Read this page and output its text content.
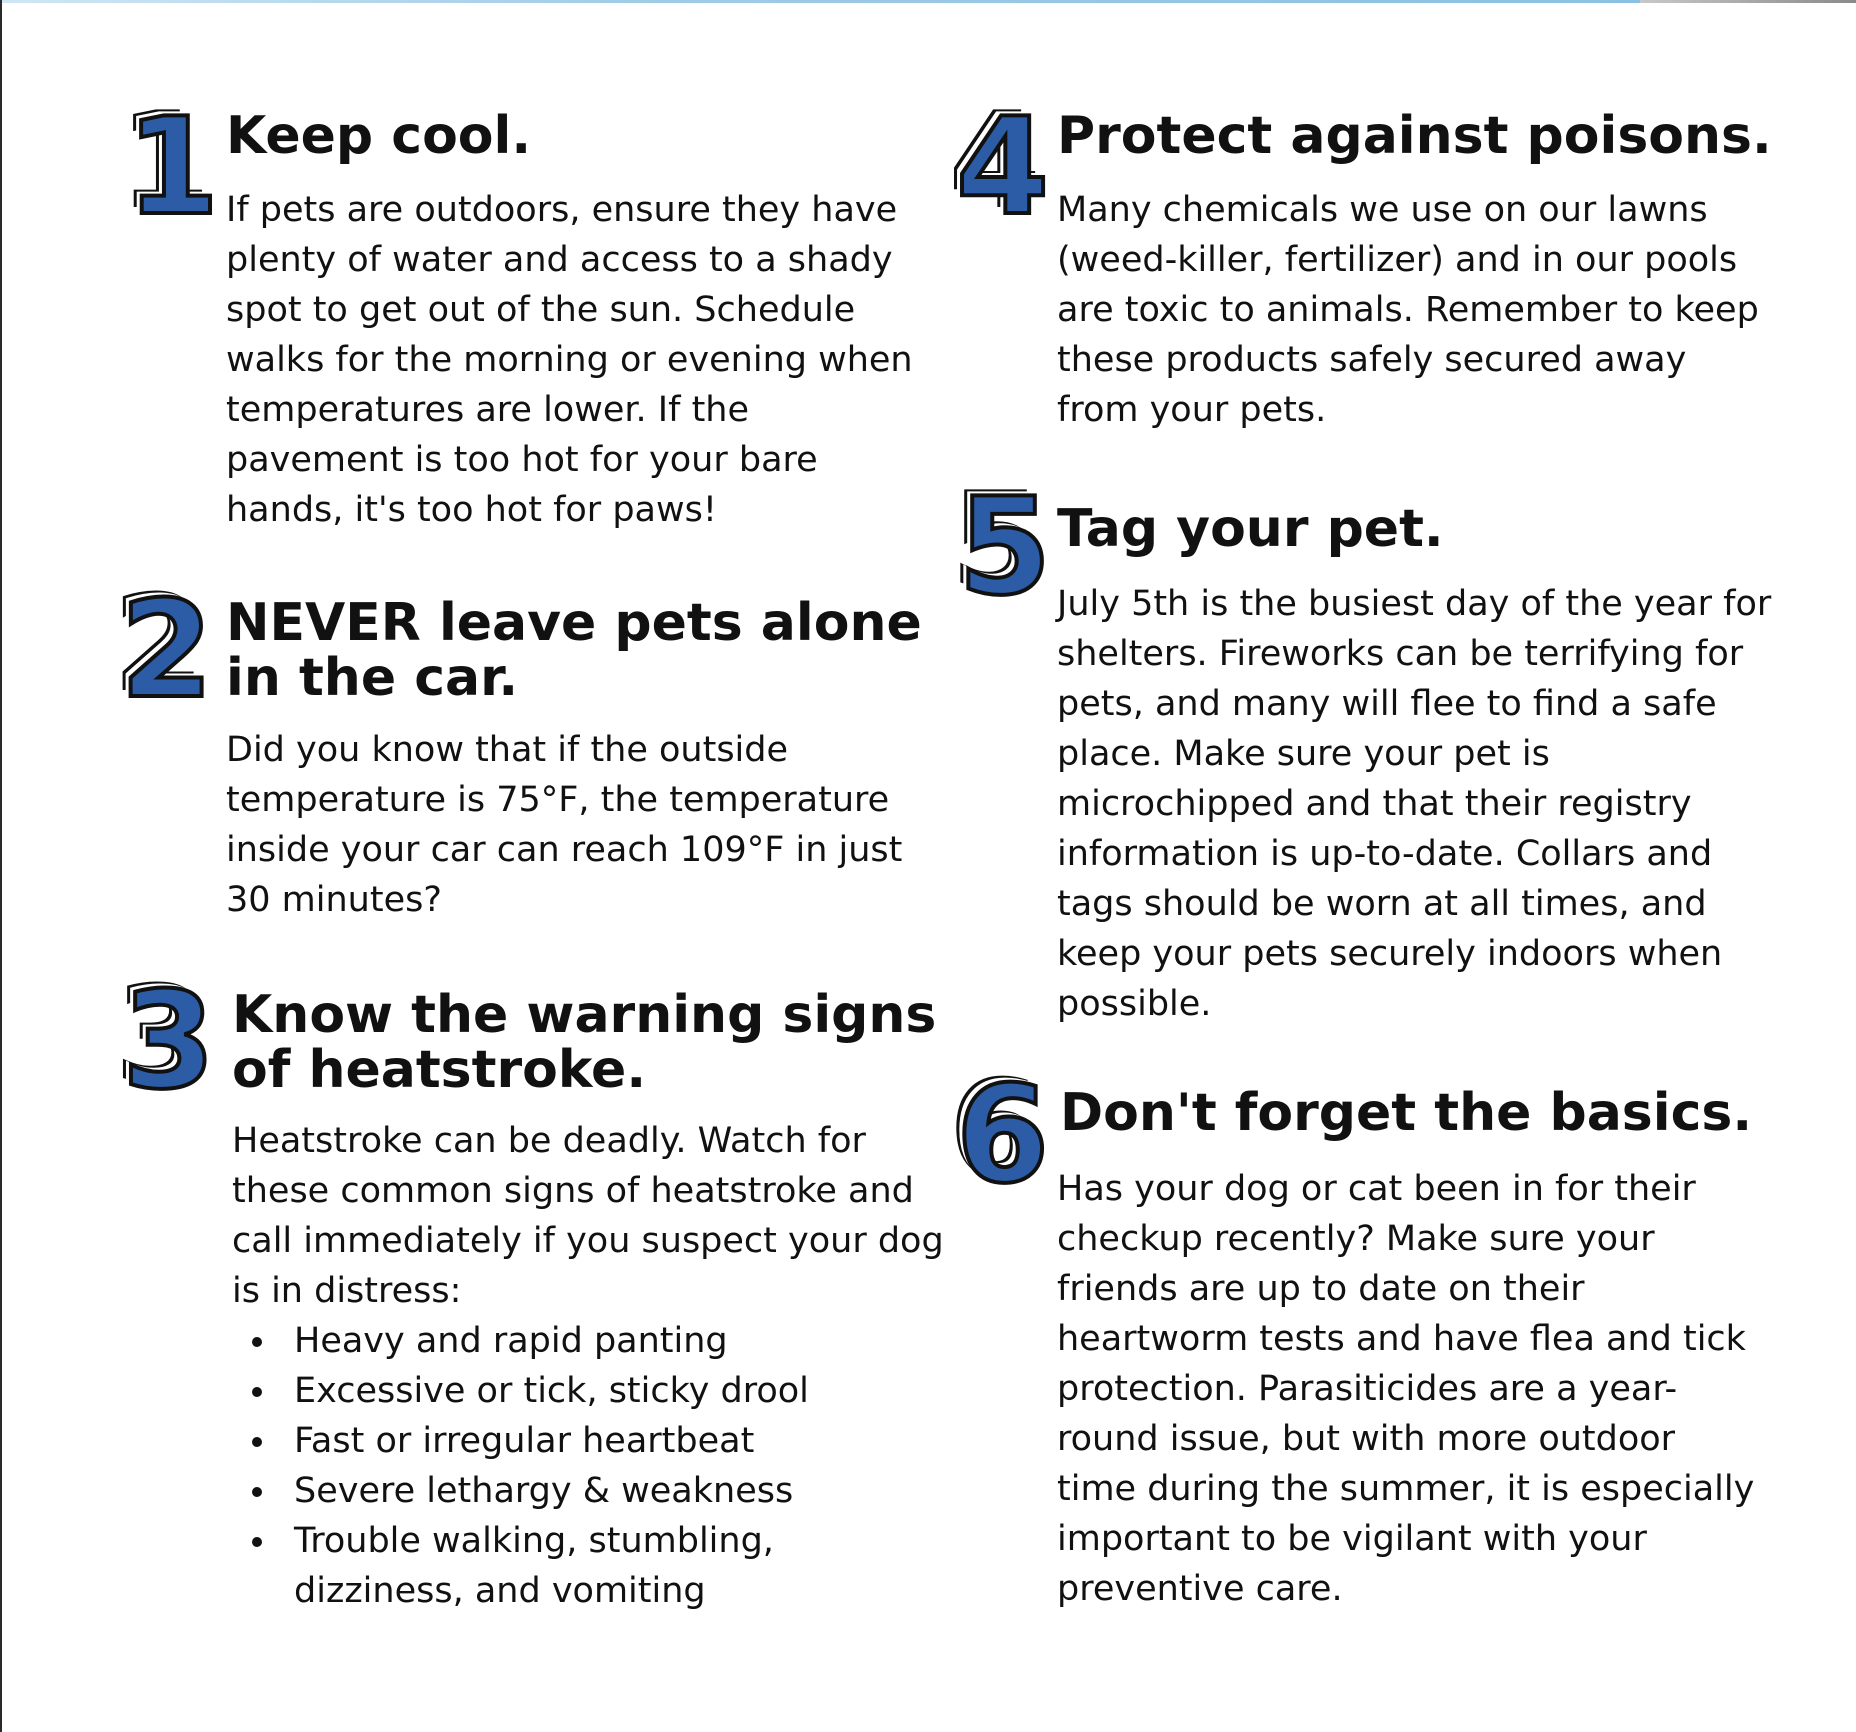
1 Keep cool.
If pets are outdoors, ensure they have
plenty of water and access to a shady
spot to get out of the sun. Schedule
walks for the morning or evening when
temperatures are lower. If the
pavement is too hot for your bare
hands, it's too hot for paws!
2 NEVER leave pets alone
in the car.
Did you know that if the outside
temperature is 75°F, the temperature
inside your car can reach 109°F in just
30 minutes?
3 Know the warning signs
of heatstroke.
Heatstroke can be deadly. Watch for
these common signs of heatstroke and
call immediately if you suspect your dog
is in distress:
Heavy and rapid panting
Excessive or tick, sticky drool
Fast or irregular heartbeat
Severe lethargy & weakness
Trouble walking, stumbling,
dizziness, and vomiting
4 Protect against poisons.
Many chemicals we use on our lawns
(weed-killer, fertilizer) and in our pools
are toxic to animals. Remember to keep
these products safely secured away
from your pets.
5 Tag your pet.
July 5th is the busiest day of the year for
shelters. Fireworks can be terrifying for
pets, and many will flee to find a safe
place. Make sure your pet is
microchipped and that their registry
information is up-to-date. Collars and
tags should be worn at all times, and
keep your pets securely indoors when
possible.
6 Don't forget the basics.
Has your dog or cat been in for their
checkup recently? Make sure your
friends are up to date on their
heartworm tests and have flea and tick
protection. Parasiticides are a year-
round issue, but with more outdoor
time during the summer, it is especially
important to be vigilant with your
preventive care.
